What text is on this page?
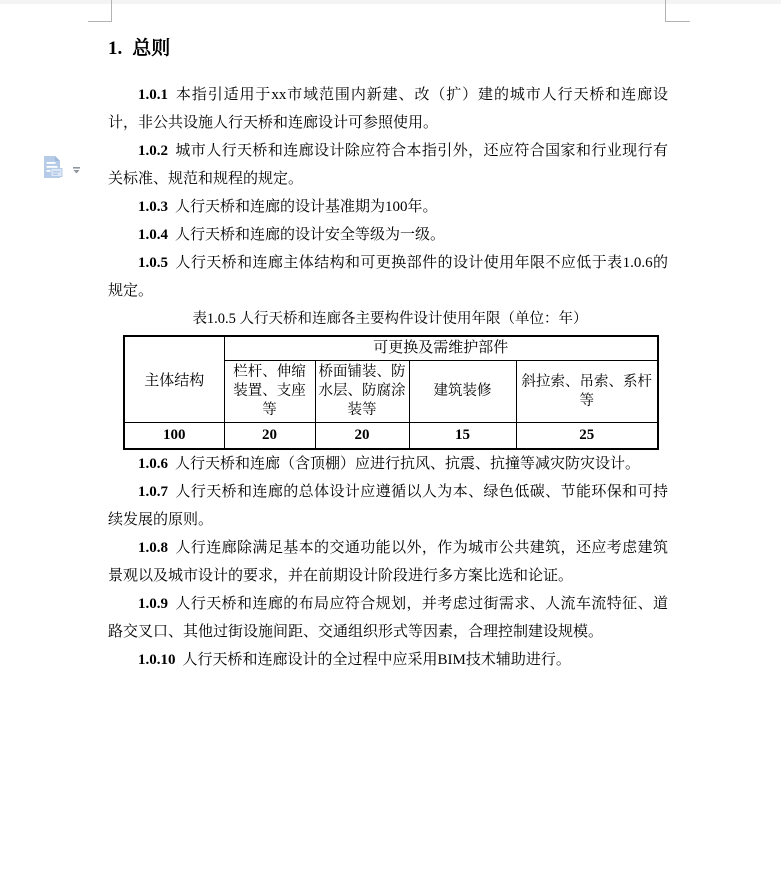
1. 总则

1.0.1 本指引适用于xx市域范围内新建、改（扩）建的城市人行天桥和连廊设计，非公共设施人行天桥和连廊设计可参照使用。

1.0.2 城市人行天桥和连廊设计除应符合本指引外，还应符合国家和行业现行有关标准、规范和规程的规定。

1.0.3 人行天桥和连廊的设计基准期为100年。

1.0.4 人行天桥和连廊的设计安全等级为一级。

1.0.5 人行天桥和连廊主体结构和可更换部件的设计使用年限不应低于表1.0.6的规定。

表1.0.5 人行天桥和连廊各主要构件设计使用年限（单位：年）
主体结构	可更换及需维护部件			
	栏杆、伸缩装置、支座等	桥面铺装、防水层、防腐涂装等	建筑装修	斜拉索、吊索、系杆等
100	20	20	15	25

1.0.6 人行天桥和连廊（含顶棚）应进行抗风、抗震、抗撞等减灾防灾设计。

1.0.7 人行天桥和连廊的总体设计应遵循以人为本、绿色低碳、节能环保和可持续发展的原则。

1.0.8 人行连廊除满足基本的交通功能以外，作为城市公共建筑，还应考虑建筑景观以及城市设计的要求，并在前期设计阶段进行多方案比选和论证。

1.0.9 人行天桥和连廊的布局应符合规划，并考虑过街需求、人流车流特征、道路交叉口、其他过街设施间距、交通组织形式等因素，合理控制建设规模。

1.0.10 人行天桥和连廊设计的全过程中应采用BIM技术辅助进行。
